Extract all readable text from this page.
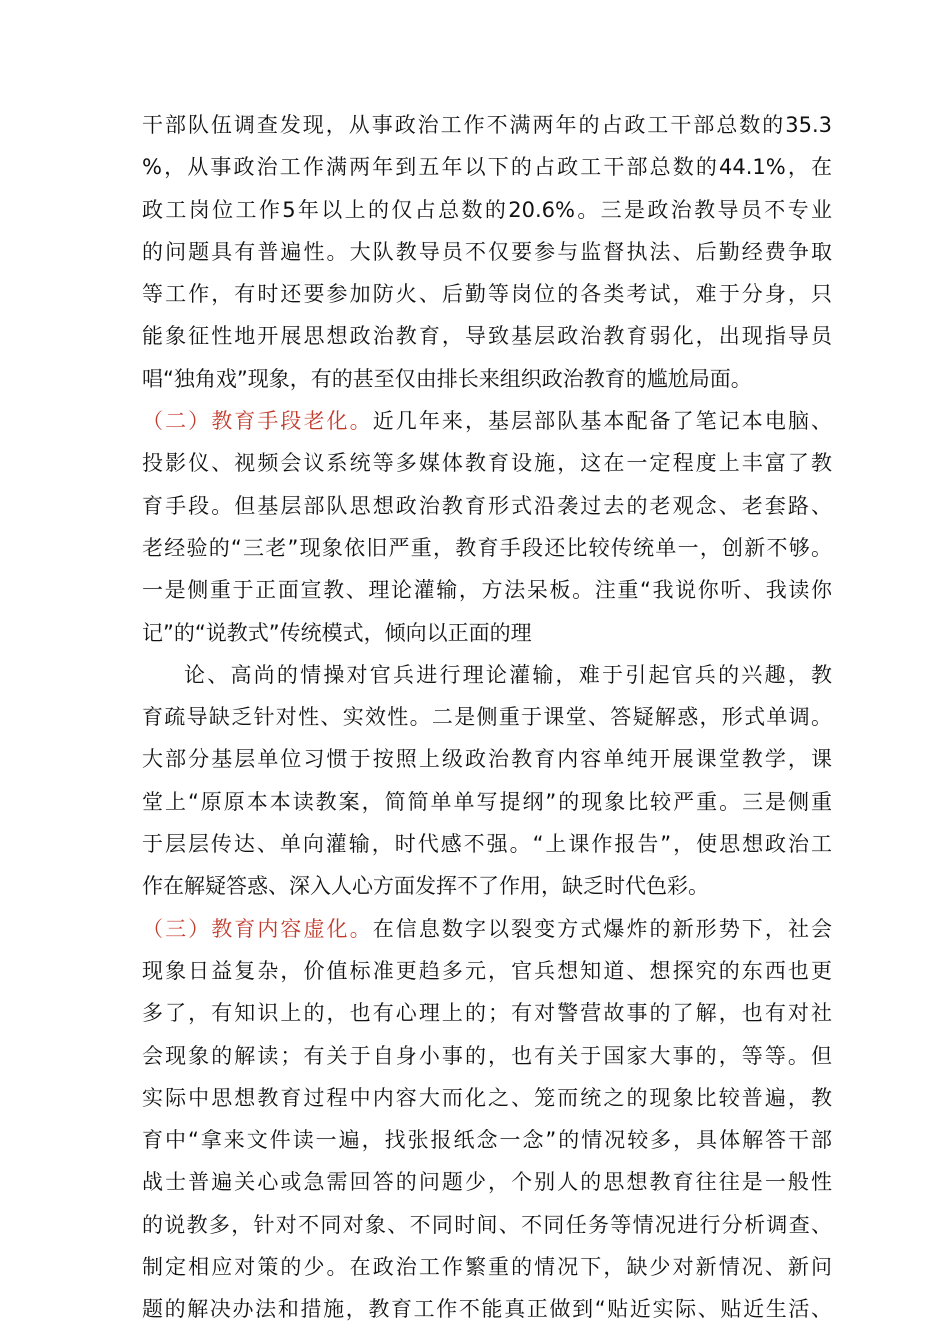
干部队伍调查发现，从事政治工作不满两年的占政工干部总数的35.3
%，从事政治工作满两年到五年以下的占政工干部总数的44.1%，在
政工岗位工作5年以上的仅占总数的20.6%。三是政治教导员不专业
的问题具有普遍性。大队教导员不仅要参与监督执法、后勤经费争取
等工作，有时还要参加防火、后勤等岗位的各类考试，难于分身，只
能象征性地开展思想政治教育，导致基层政治教育弱化，出现指导员
唱“独角戏”现象，有的甚至仅由排长来组织政治教育的尴尬局面。
（二）教育手段老化。近几年来，基层部队基本配备了笔记本电脑、
投影仪、视频会议系统等多媒体教育设施，这在一定程度上丰富了教
育手段。但基层部队思想政治教育形式沿袭过去的老观念、老套路、
老经验的“三老”现象依旧严重，教育手段还比较传统单一，创新不够。
一是侧重于正面宣教、理论灌输，方法呆板。注重“我说你听、我读你
记”的“说教式”传统模式，倾向以正面的理
论、高尚的情操对官兵进行理论灌输，难于引起官兵的兴趣，教
育疏导缺乏针对性、实效性。二是侧重于课堂、答疑解惑，形式单调。
大部分基层单位习惯于按照上级政治教育内容单纯开展课堂教学，课
堂上“原原本本读教案，简简单单写提纲”的现象比较严重。三是侧重
于层层传达、单向灌输，时代感不强。“上课作报告”，使思想政治工
作在解疑答惑、深入人心方面发挥不了作用，缺乏时代色彩。
（三）教育内容虚化。在信息数字以裂变方式爆炸的新形势下，社会
现象日益复杂，价值标准更趋多元，官兵想知道、想探究的东西也更
多了，有知识上的，也有心理上的；有对警营故事的了解，也有对社
会现象的解读；有关于自身小事的，也有关于国家大事的，等等。但
实际中思想教育过程中内容大而化之、笼而统之的现象比较普遍，教
育中“拿来文件读一遍，找张报纸念一念”的情况较多，具体解答干部
战士普遍关心或急需回答的问题少，个别人的思想教育往往是一般性
的说教多，针对不同对象、不同时间、不同任务等情况进行分析调查、
制定相应对策的少。在政治工作繁重的情况下，缺少对新情况、新问
题的解决办法和措施，教育工作不能真正做到“贴近实际、贴近生活、
